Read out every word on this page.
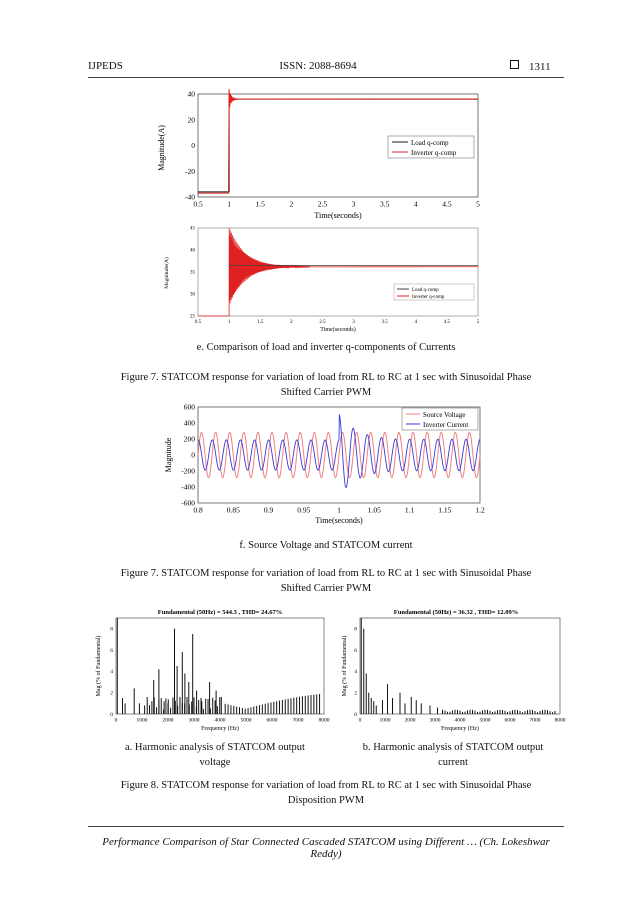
IJPEDS	ISSN: 2088-8694	1311
40
20
0
-20
-40
0.5	1	1.5	2	2.5	3	3.5	4	4.5	5
Load q-comp
Inverter q-comp
Magnitude(A)
Time(seconds)
45
40
35
30
25
0.5	1	1.5	2	2.5	3	3.5	4	4.5	5
Load q-comp
Inverter q-comp
Magnitude(A)
Time(seconds)
e. Comparison of load and inverter q-components of Currents
Figure 7. STATCOM response for variation of load from RL to RC at 1 sec with Sinusoidal Phase Shifted Carrier PWM
600
400
200
0
-200
-400
-600
0.8	0.85	0.9	0.95	1	1.05	1.1	1.15	1.2
Source Voltage
Inverter Current
Magnitude
Time(seconds)
f. Source Voltage and STATCOM current
Figure 7. STATCOM response for variation of load from RL to RC at 1 sec with Sinusoidal Phase Shifted Carrier PWM
Fundamental (50Hz) = 544.3 , THD= 24.67%
8
6
4
2
0
0	1000	2000	3000	4000	5000	6000	7000	8000
Mag (% of Fundamental)
Frequency (Hz)
Fundamental (50Hz) = 36.32 , THD= 12.09%
8
6
4
2
0
0	1000	2000	3000	4000	5000	6000	7000	8000
Mag (% of Fundamental)
Frequency (Hz)
a. Harmonic analysis of STATCOM output voltage
b. Harmonic analysis of STATCOM output current
Figure 8. STATCOM response for variation of load from RL to RC at 1 sec with Sinusoidal Phase Disposition PWM
Performance Comparison of Star Connected Cascaded STATCOM using Different … (Ch. Lokeshwar Reddy)
